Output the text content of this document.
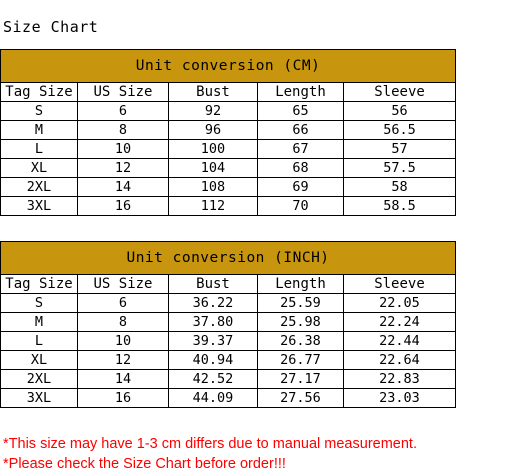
Size Chart
Unit conversion (CM)				
Tag Size	US Size	Bust	Length	Sleeve
S	6	92	65	56
M	8	96	66	56.5
L	10	100	67	57
XL	12	104	68	57.5
2XL	14	108	69	58
3XL	16	112	70	58.5
Unit conversion (INCH)				
Tag Size	US Size	Bust	Length	Sleeve
S	6	36.22	25.59	22.05
M	8	37.80	25.98	22.24
L	10	39.37	26.38	22.44
XL	12	40.94	26.77	22.64
2XL	14	42.52	27.17	22.83
3XL	16	44.09	27.56	23.03
*This size may have 1-3 cm differs due to manual measurement.
*Please check the Size Chart before order!!!
